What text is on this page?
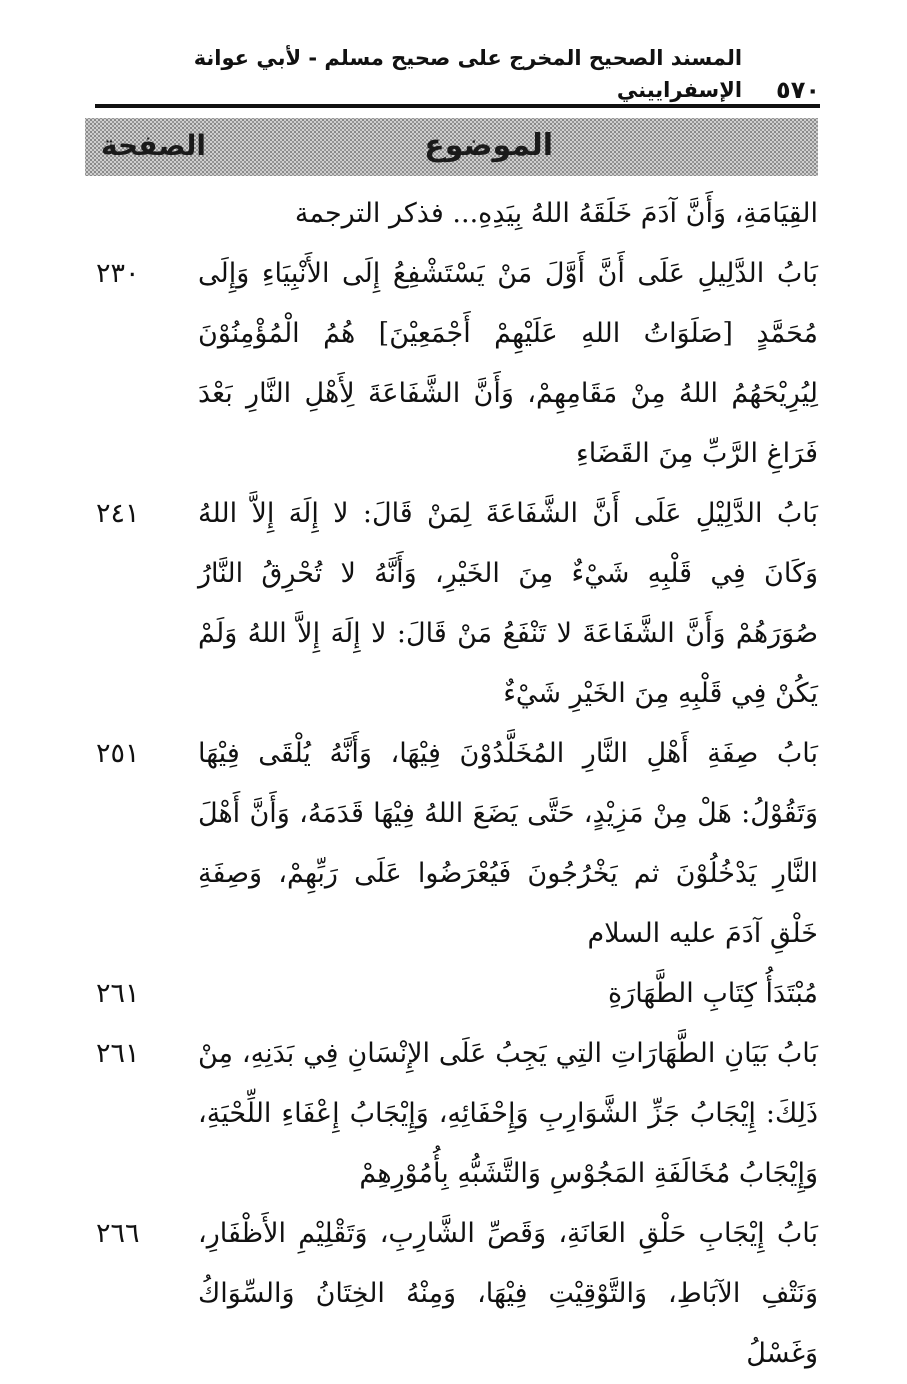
٥٧٠
المسند الصحيح المخرج على صحيح مسلم - لأبي عوانة الإسفراييني
الموضوع
الصفحة
القِيَامَةِ، وَأَنَّ آدَمَ خَلَقَهُ اللهُ بِيَدِهِ... فذكر الترجمة
بَابُ الدَّلِيلِ عَلَى أَنَّ أَوَّلَ مَنْ يَسْتَشْفِعُ إِلَى الأَنْبِيَاءِ وَإِلَى مُحَمَّدٍ [صَلَوَاتُ اللهِ عَلَيْهِمْ أَجْمَعِيْنَ] هُمُ الْمُؤْمِنُوْنَ لِيُرِيْحَهُمُ اللهُ مِنْ مَقَامِهِمْ، وَأَنَّ الشَّفَاعَةَ لِأَهْلِ النَّارِ بَعْدَ فَرَاغِ الرَّبِّ مِنَ القَضَاءِ
٢٣٠
بَابُ الدَّلِيْلِ عَلَى أَنَّ الشَّفَاعَةَ لِمَنْ قَالَ: لا إِلَهَ إِلاَّ اللهُ وَكَانَ فِي قَلْبِهِ شَيْءٌ مِنَ الخَيْرِ، وَأَنَّهُ لا تُحْرِقُ النَّارُ صُوَرَهُمْ وَأَنَّ الشَّفَاعَةَ لا تَنْفَعُ مَنْ قَالَ: لا إِلَهَ إِلاَّ اللهُ وَلَمْ يَكُنْ فِي قَلْبِهِ مِنَ الخَيْرِ شَيْءٌ
٢٤١
بَابُ صِفَةِ أَهْلِ النَّارِ المُخَلَّدُوْنَ فِيْهَا، وَأَنَّهُ يُلْقَى فِيْهَا وَتَقُوْلُ: هَلْ مِنْ مَزِيْدٍ، حَتَّى يَضَعَ اللهُ فِيْهَا قَدَمَهُ، وَأَنَّ أَهْلَ النَّارِ يَدْخُلُوْنَ ثم يَخْرُجُونَ فَيُعْرَضُوا عَلَى رَبِّهِمْ، وَصِفَةِ خَلْقِ آدَمَ عليه السلام
٢٥١
مُبْتَدَأُ كِتَابِ الطَّهَارَةِ
٢٦١
بَابُ بَيَانِ الطَّهَارَاتِ التِي يَجِبُ عَلَى الإِنْسَانِ فِي بَدَنِهِ، مِنْ ذَلِكَ: إِيْجَابُ جَزِّ الشَّوَارِبِ وَإِحْفَائِهِ، وَإِيْجَابُ إِعْفَاءِ اللِّحْيَةِ، وَإِيْجَابُ مُخَالَفَةِ المَجُوْسِ وَالتَّشَبُّهِ بِأُمُوْرِهِمْ
٢٦١
بَابُ إِيْجَابِ حَلْقِ العَانَةِ، وَقَصِّ الشَّارِبِ، وَتَقْلِيْمِ الأَظْفَارِ، وَنَتْفِ الآبَاطِ، وَالتَّوْقِيْتِ فِيْهَا، وَمِنْهُ الخِتَانُ وَالسِّوَاكُ وَغَسْلُ
٢٦٦
